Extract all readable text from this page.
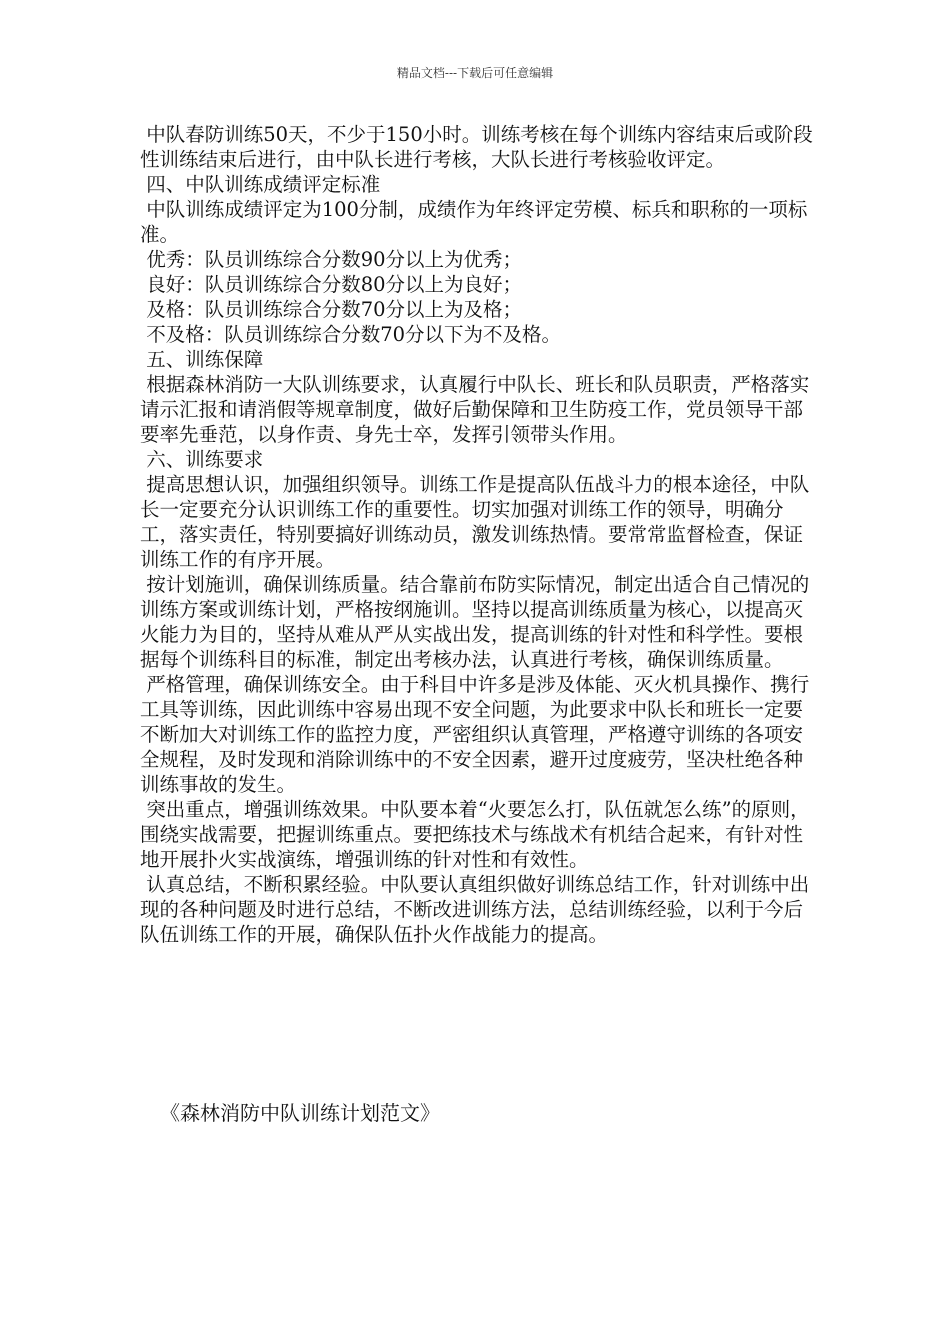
精品文档---下载后可任意编辑

中队春防训练50天，不少于150小时。训练考核在每个训练内容结束后或阶段性训练结束后进行，由中队长进行考核，大队长进行考核验收评定。

四、中队训练成绩评定标准

中队训练成绩评定为100分制，成绩作为年终评定劳模、标兵和职称的一项标准。

优秀：队员训练综合分数90分以上为优秀；

良好：队员训练综合分数80分以上为良好；

及格：队员训练综合分数70分以上为及格；

不及格：队员训练综合分数70分以下为不及格。

五、训练保障

根据森林消防一大队训练要求，认真履行中队长、班长和队员职责，严格落实请示汇报和请消假等规章制度，做好后勤保障和卫生防疫工作，党员领导干部要率先垂范，以身作责、身先士卒，发挥引领带头作用。

六、训练要求

提高思想认识，加强组织领导。训练工作是提高队伍战斗力的根本途径，中队长一定要充分认识训练工作的重要性。切实加强对训练工作的领导，明确分工，落实责任，特别要搞好训练动员，激发训练热情。要常常监督检查，保证训练工作的有序开展。

按计划施训，确保训练质量。结合靠前布防实际情况，制定出适合自己情况的训练方案或训练计划，严格按纲施训。坚持以提高训练质量为核心，以提高灭火能力为目的，坚持从难从严从实战出发，提高训练的针对性和科学性。要根据每个训练科目的标准，制定出考核办法，认真进行考核，确保训练质量。

严格管理，确保训练安全。由于科目中许多是涉及体能、灭火机具操作、携行工具等训练，因此训练中容易出现不安全问题，为此要求中队长和班长一定要不断加大对训练工作的监控力度，严密组织认真管理，严格遵守训练的各项安全规程，及时发现和消除训练中的不安全因素，避开过度疲劳，坚决杜绝各种训练事故的发生。

突出重点，增强训练效果。中队要本着“火要怎么打，队伍就怎么练”的原则，围绕实战需要，把握训练重点。要把练技术与练战术有机结合起来，有针对性地开展扑火实战演练，增强训练的针对性和有效性。

认真总结，不断积累经验。中队要认真组织做好训练总结工作，针对训练中出现的各种问题及时进行总结，不断改进训练方法，总结训练经验，以利于今后队伍训练工作的开展，确保队伍扑火作战能力的提高。

《森林消防中队训练计划范文》
